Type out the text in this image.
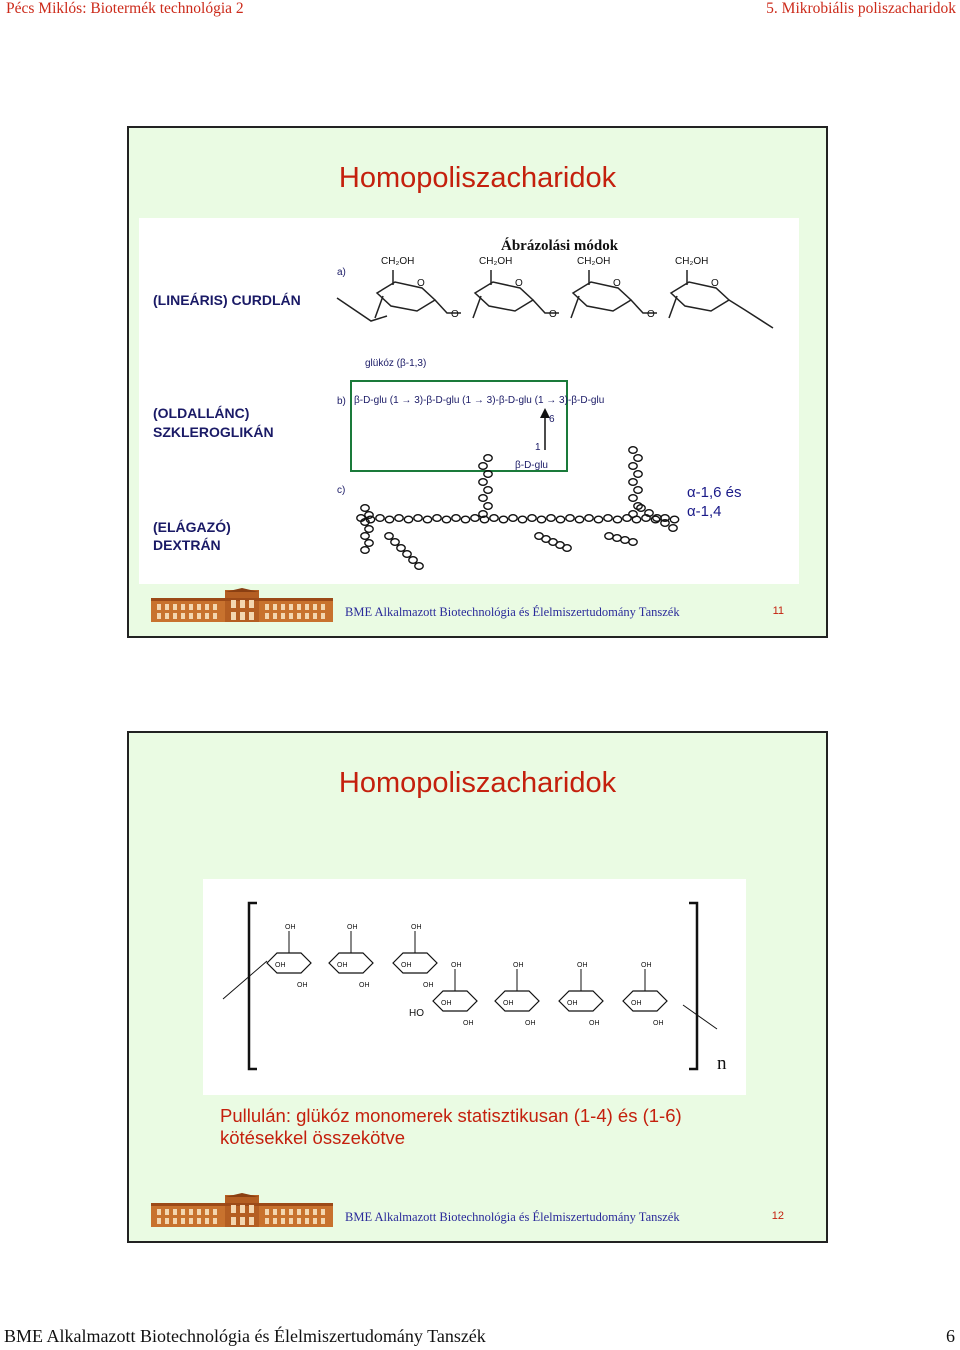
Pécs Miklós: Biotermék technológia 2	5. Mikrobiális poliszacharidok
Homopoliszacharidok
Ábrázolási módok
a)
b)
c)
(LINEÁRIS) CURDLÁN
(OLDALLÁNC)
SZKLEROGLIKÁN
(ELÁGAZÓ)
DEXTRÁN
CH₂OH	CH₂OH	CH₂OH	CH₂OH
O	O	O	O
O	O	O
glükóz (β-1,3)
β-D-glu (1 → 3)-β-D-glu (1 → 3)-β-D-glu (1 → 3)-β-D-glu
6
1
β-D-glu
α-1,6 és
α-1,4
BME Alkalmazott Biotechnológia és Élelmiszertudomány Tanszék	11
Homopoliszacharidok
OH
OH
OH
OH
OH
OH
OH
OH
OH
OH
OH
OH
OH
OH
OH
OH
OH
OH
OH
OH
OH
n
HO
Pullulán: glükóz monomerek statisztikusan (1-4) és (1-6)
kötésekkel összekötve
BME Alkalmazott Biotechnológia és Élelmiszertudomány Tanszék	12
BME Alkalmazott Biotechnológia és Élelmiszertudomány Tanszék	6
